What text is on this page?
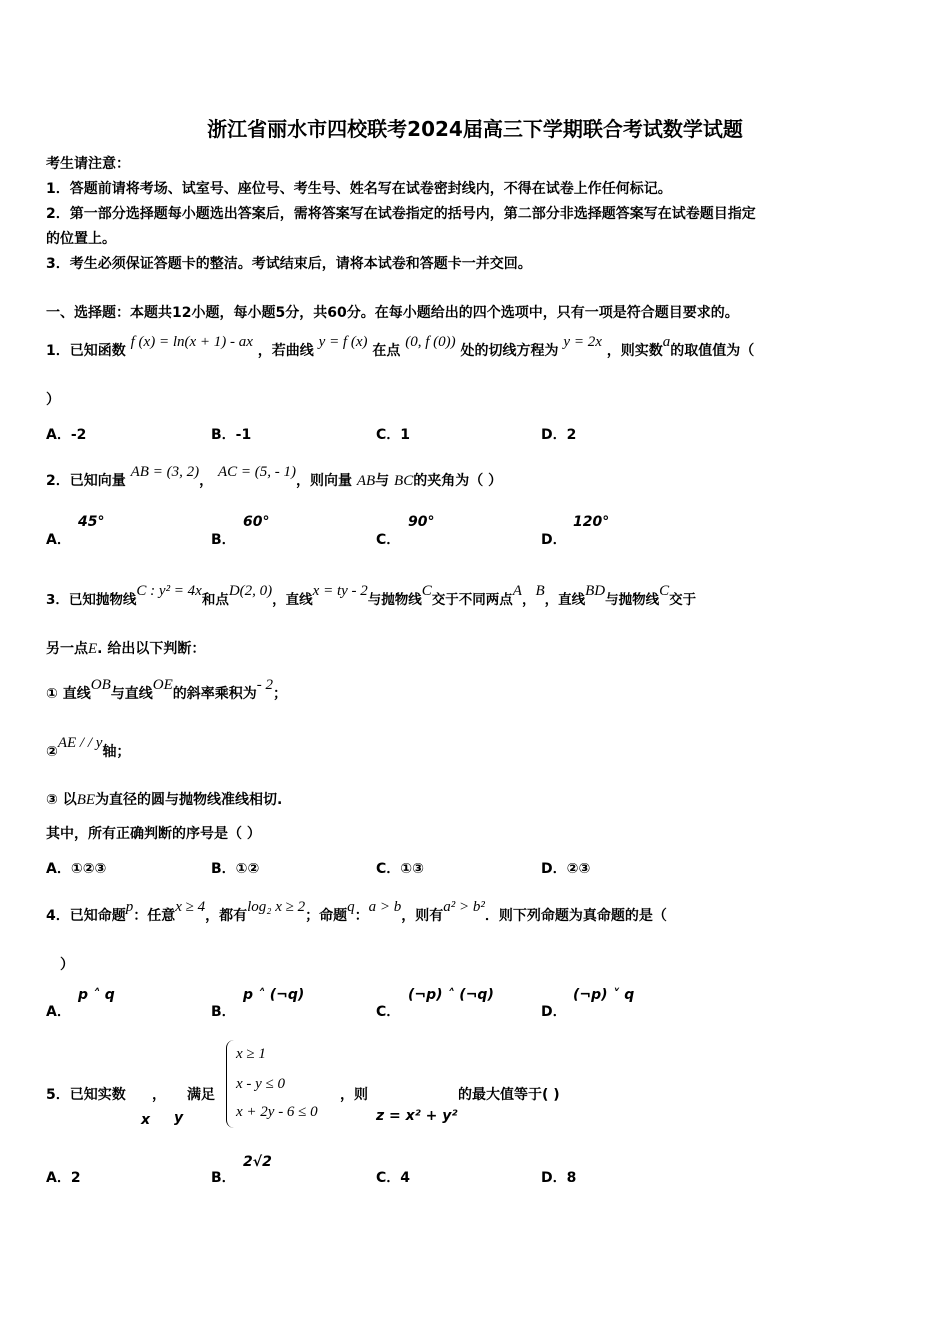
浙江省丽水市四校联考2024届高三下学期联合考试数学试题
考生请注意：
1．答题前请将考场、试室号、座位号、考生号、姓名写在试卷密封线内，不得在试卷上作任何标记。
2．第一部分选择题每小题选出答案后，需将答案写在试卷指定的括号内，第二部分非选择题答案写在试卷题目指定
的位置上。
3．考生必须保证答题卡的整洁。考试结束后，请将本试卷和答题卡一并交回。
一、选择题：本题共12小题，每小题5分，共60分。在每小题给出的四个选项中，只有一项是符合题目要求的。
1．已知函数 f (x) = ln(x + 1) - ax ，若曲线 y = f (x) 在点 (0, f (0)) 处的切线方程为 y = 2x ，则实数a的取值值为（
）
A．-2	B．-1	C．1	D．2
2．已知向量 AB = (3, 2)， AC = (5, - 1)，则向量 AB与 BC的夹角为（ ）
A．
45°
B．
60°
C．
90°
D．
120°
3．已知抛物线C : y² = 4x和点D(2, 0)，直线x = ty - 2与抛物线C交于不同两点A，B，直线BD与抛物线C交于
另一点E. 给出以下判断：
① 直线OB与直线OE的斜率乘积为- 2；
②AE / / y轴；
③ 以BE为直径的圆与抛物线准线相切.
其中，所有正确判断的序号是（ ）
A．①②③	B．①②	C．①③	D．②③
4．已知命题p：任意x ≥ 4，都有log₂ x ≥ 2；命题q：a > b，则有a² > b²．则下列命题为真命题的是（
）
A．
p ˄ q
B．
p ˄ (¬q)
C．
(¬p) ˄ (¬q)
D．
(¬p) ˅ q
5．已知实数 ， 满足	，则	的最大值等于( )
x y	z = x² + y²
x ≥ 1
x - y ≤ 0
x + 2y - 6 ≤ 0
A．2	B．
2√2
C．4	D．8
